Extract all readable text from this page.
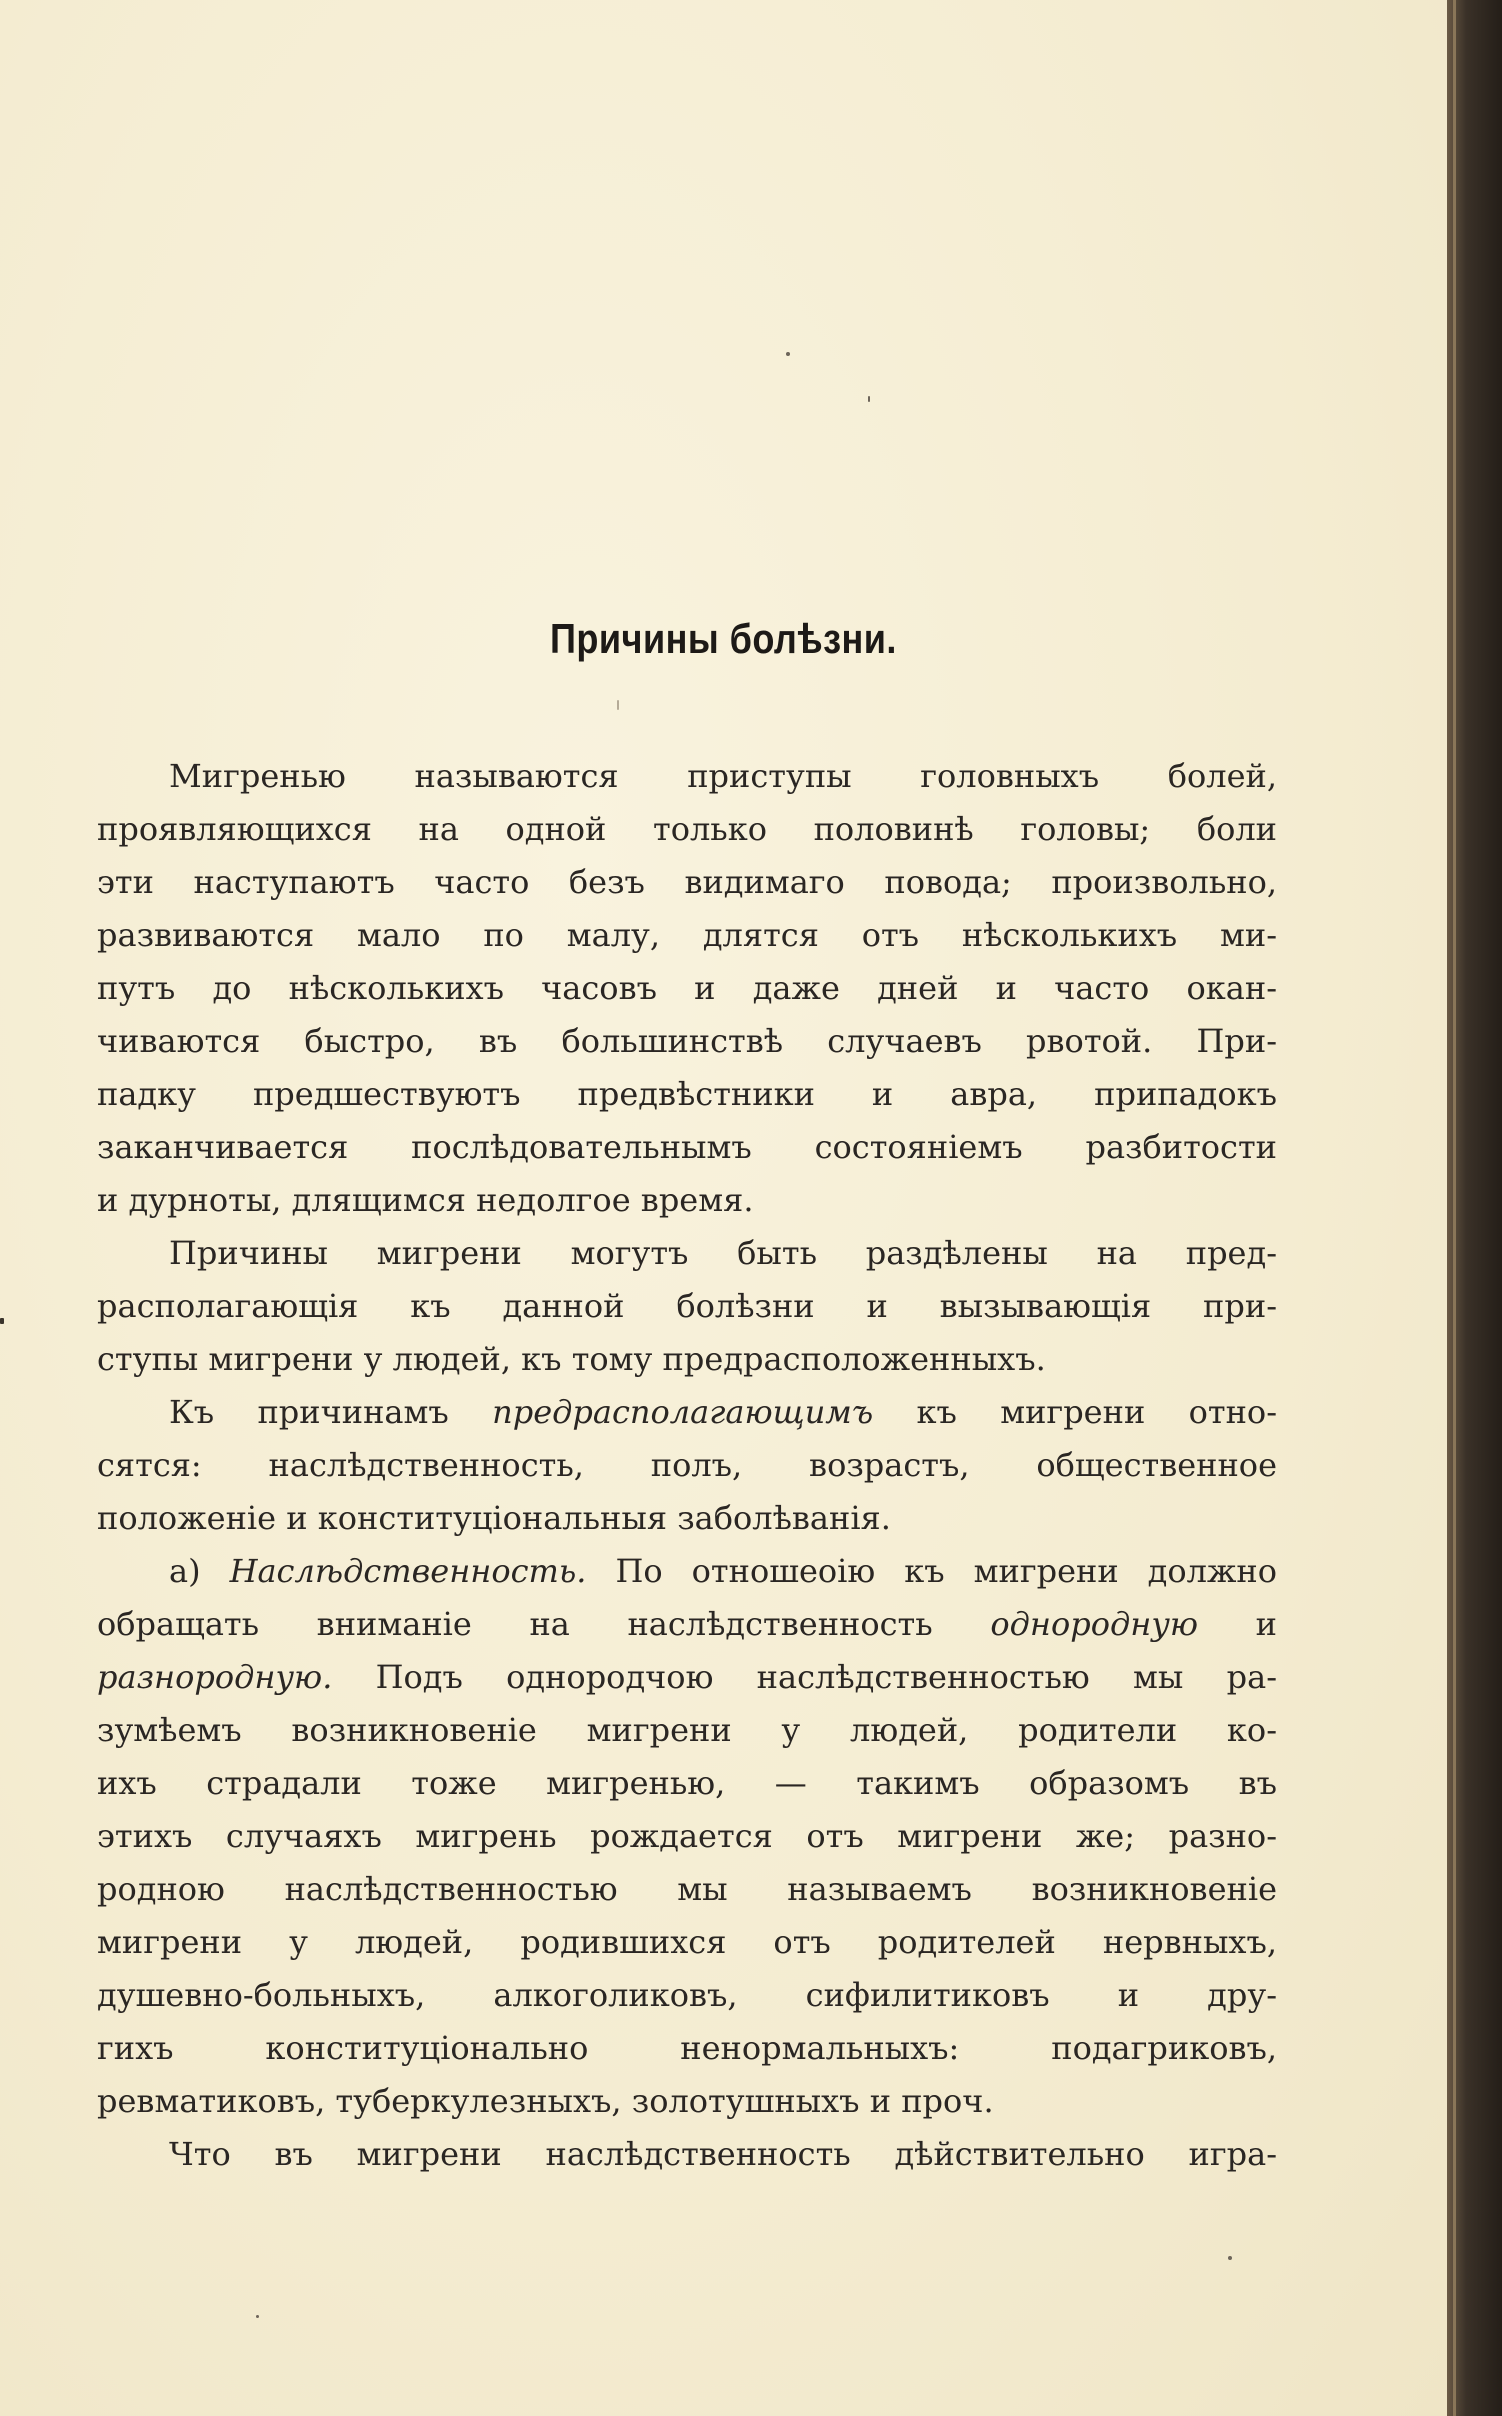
Причины болѣзни.
Мигренью называются приступы головныхъ болей,
проявляющихся на одной только половинѣ головы; боли
эти наступаютъ часто безъ видимаго повода; произвольно,
развиваются мало по малу, длятся отъ нѣсколькихъ ми-
путъ до нѣсколькихъ часовъ и даже дней и часто окан-
чиваются быстро, въ большинствѣ случаевъ рвотой. При-
падку предшествуютъ предвѣстники и авра, припадокъ
заканчивается послѣдовательнымъ состояніемъ разбитости
и дурноты, длящимся недолгое время.
Причины мигрени могутъ быть раздѣлены на пред-
располагающія къ данной болѣзни и вызывающія при-
ступы мигрени у людей, къ тому предрасположенныхъ.
Къ причинамъ предрасполагающимъ къ мигрени отно-
сятся: наслѣдственность, полъ, возрастъ, общественное
положеніе и конституціональныя заболѣванія.
а) Наслѣдственность. По отношеоію къ мигрени должно
обращать вниманіе на наслѣдственность однородную и
разнородную. Подъ однородчою наслѣдственностью мы ра-
зумѣемъ возникновеніе мигрени у людей, родители ко-
ихъ страдали тоже мигренью, — такимъ образомъ въ
этихъ случаяхъ мигрень рождается отъ мигрени же; разно-
родною наслѣдственностью мы называемъ возникновеніе
мигрени у людей, родившихся отъ родителей нервныхъ,
душевно-больныхъ, алкоголиковъ, сифилитиковъ и дру-
гихъ конституціонально ненормальныхъ: подагриковъ,
ревматиковъ, туберкулезныхъ, золотушныхъ и проч.
Что въ мигрени наслѣдственность дѣйствительно игра-
